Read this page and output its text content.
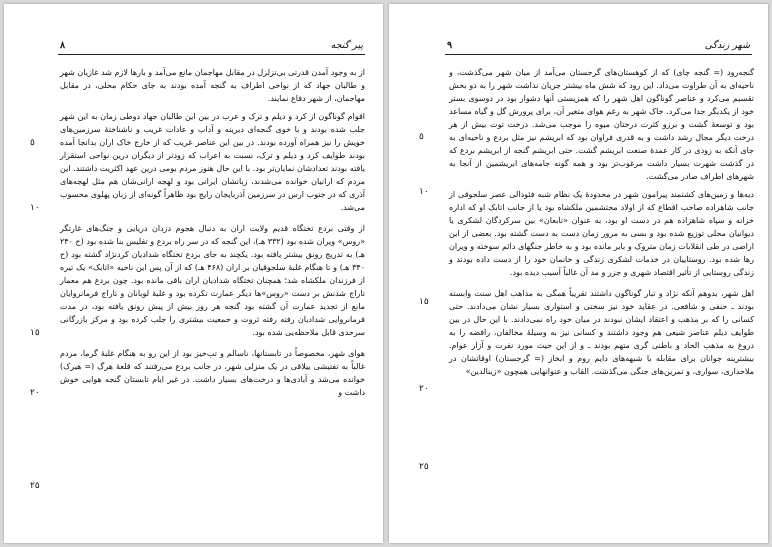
٨	پیر گنجه
٥
١٠
١٥
٢٠
٢٥

از به وجود آمدن قدرتی بی‌تزلزل در مقابل مهاجمان مانع می‌آمد و بارها لازم شد غازیان شهر و طالبان جهاد که از نواحی اطراف به گنجه آمده بودند به جای حکام محلی، در مقابل مهاجمان، از شهر دفاع نمایند.

اقوام گوناگون از کرد و دیلم و ترک و عرب در بین این طالبان جهاد دوطی زمان به این شهر جلب شده بودند و با خوی گنجه‌ای دیرینه و آداب و عادات غریب و ناشناختهٔ سرزمین‌های خویش را نیز همراه آورده بودند. در بین این عناصر غریب که از خارج خاک اران بدانجا آمده بودند طوایف کرد و دیلم و ترک، نسبت به اعراب که زودتر از دیگران درین نواحی استقرار یافته بودند تعدادشان نمایان‌تر بود. با این حال هنوز مردم بومی درین عهد اکثریت داشتند. این مردم که ارانیان خوانده می‌شدند، زبانشان ایرانی بود و لهجه ارانی‌شان هم مثل لهجه‌های آذری که در جنوب ارس در سرزمین آذربایجان رایج بود ظاهراً گونه‌ای از زبان پهلوی محسوب می‌شد.

از وقتی بردع تختگاه قدیم ولایت اران به دنبال هجوم دزدان دریایی و جنگ‌های غارتگر «روس» ویران شده بود (۳۳۲ هـ)، این گنجه که در سر راه بردع و تفلیس بنا شده بود (ح ۲۴۰ هـ) به تدریج رونق بیشتر یافته بود. یکچند به جای بردع تختگاه شدادیان کردنژاد گشته بود (ح ۳۴۰ هـ) و تا هنگام غلبهٔ سلجوقیان بر اران (۴۶۸ هـ) که از آن پس این ناحیه «اتابک» یک تیره از فرزندان ملکشاه شد؛ همچنان تختگاه شدادیان اران باقی مانده بود. چون بردع هم معمار تاراج شدنش بر دست «روس»ها دیگر عمارت نکرده بود و غلبهٔ لوبانان و تاراج فرمانروایان مانع از تجدید عمارت آن گشته بود گنجه هر روز بیش از پیش رونق یافته بود، در مدت فرمانروایی شدادیان رفته رفته ثروت و جمعیت بیشتری را جلب کرده بود و مرکز بازرگانی سرحدی قابل ملاحظه‌یی شده بود.

هوای شهر، مخصوصاً در تابستانها، ناسالم و تب‌خیز بود از این رو به هنگام غلبهٔ گرما، مردم غالباً به تفتیشی ییلاقی در یک منزلی شهر، در جانب بردع می‌رفتند که قلعهٔ هرگ (= هیرک) خوانده می‌شد و آبادی‌ها و درخت‌های بسیار داشت. در غیر ایام تابستان گنجه هوایی خوش داشت و

٩	شهر زندگی
٥
١٠
١٥
٢٠
٢٥

گنجه‌رود (= گنجه چای) که از کوهستان‌های گرجستان می‌آمد از میان شهر می‌گذشت، و ناحیه‌ای به آن طراوت می‌داد. این رود که شش ماه بیشتر جریان نداشت شهر را به دو بخش تقسیم می‌کرد و عناصر گوناگون اهل شهر را که همزیستی آنها دشوار بود در دوسوی بستر خود از یکدیگر جدا می‌کرد. خاک شهر به رغم هوای متغیر آن، برای پرورش گل و گیاه مساعد بود و توسعهٔ گشت و برزو کثرت درختان میوه را موجب می‌شد. درخت توت بیش از هر درخت دیگر مجال رشد داشت و به قدری فراوان بود که ابریشم نیز مثل بردع و ناحیه‌ای به جای آنکه به زودی در کار عمدهٔ صنعت ابریشم گشت. حتی ابریشم گنجه از ابریشم بردع که در گذشت شهرت بسیار داشت مرغوب‌تر بود و همه گونه جامه‌های ابریشمین از آنجا به شهرهای اطراف صادر می‌گشت.

دیه‌ها و زمین‌های کشتمند پیرامون شهر در محدودهٔ یک نظام شبه فئودالی عصر سلجوقی از جانب شاهزاده صاحب اقطاع که از اولاد محتشمین ملکشاه بود یا از جانب اتابک او که اداره خزانه و سپاه شاهزاده هم در دست او بود، به عنوان «تابعان» بین سرکردگان لشکری یا دیوانیان محلی توزیع شده بود و بسی به مرور زمان دست به دست گشته بود. بعضی از این اراضی در طی انقلابات زمان متروک و بایر مانده بود و به خاطر جنگهای دائم سوخته و ویران رها شده بود. روستاییان در خدمات لشکری زندگی و خانمان خود را از دست داده بودند و زندگی روستایی از تأثیر اقتصاد شهری و جزر و مد آن غالباً آسیب دیده بود.

اهل شهر، بدوهم آنکه نژاد و تبار گوناگون داشتند تقریباً همگی به مذاهب اهل سنت وابسته بودند ـ حنفی و شافعی. در عقاید خود نیز سختی و استواری بسیار نشان می‌دادند. حتی کسانی را که بر مذهب و اعتقاد ایشان نبودند در میان خود راه نمی‌دادند. با این حال در بین طوایف دیلم عناصر شیعی هم وجود داشتند و کسانی نیز به وسیلهٔ مخالفان، رافضه را به دروغ به مذهب الحاد و باطنی گری متهم بودند ـ و از این حیث مورد نفرت و آزار عوام. بیشترینه جوانان برای مقابله با شبهه‌های دایم روم و ابخاز (= گرجستان) اوقاتشان در ملاحداری، سواری، و تمرین‌های جنگی می‌گذشت. القاب و عنوانهایی همچون «زینالدین»
